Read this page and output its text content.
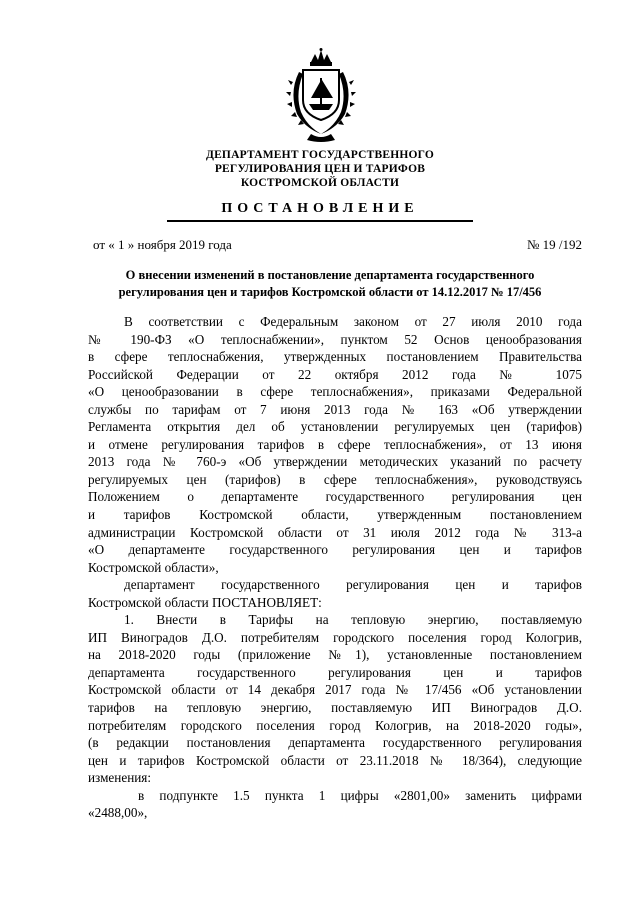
ДЕПАРТАМЕНТ ГОСУДАРСТВЕННОГО
РЕГУЛИРОВАНИЯ ЦЕН И ТАРИФОВ
КОСТРОМСКОЙ ОБЛАСТИ
ПОСТАНОВЛЕНИЕ
от « 1 » ноября 2019 года	№ 19 /192
О внесении изменений в постановление департамента государственного
регулирования цен и тарифов Костромской области от 14.12.2017 № 17/456
В соответствии с Федеральным законом от 27 июля 2010 года
№ 190-ФЗ «О теплоснабжении», пунктом 52 Основ ценообразования
в сфере теплоснабжения, утвержденных постановлением Правительства
Российской Федерации от 22 октября 2012 года № 1075
«О ценообразовании в сфере теплоснабжения», приказами Федеральной
службы по тарифам от 7 июня 2013 года № 163 «Об утверждении
Регламента открытия дел об установлении регулируемых цен (тарифов)
и отмене регулирования тарифов в сфере теплоснабжения», от 13 июня
2013 года № 760-э «Об утверждении методических указаний по расчету
регулируемых цен (тарифов) в сфере теплоснабжения», руководствуясь
Положением о департаменте государственного регулирования цен
и тарифов Костромской области, утвержденным постановлением
администрации Костромской области от 31 июля 2012 года № 313-а
«О департаменте государственного регулирования цен и тарифов
Костромской области»,
департамент государственного регулирования цен и тарифов
Костромской области ПОСТАНОВЛЯЕТ:
1. Внести в Тарифы на тепловую энергию, поставляемую
ИП Виноградов Д.О. потребителям городского поселения город Кологрив,
на 2018-2020 годы (приложение №1), установленные постановлением
департамента государственного регулирования цен и тарифов
Костромской области от 14 декабря 2017 года № 17/456 «Об установлении
тарифов на тепловую энергию, поставляемую ИП Виноградов Д.О.
потребителям городского поселения город Кологрив, на 2018-2020 годы»,
(в редакции постановления департамента государственного регулирования
цен и тарифов Костромской области от 23.11.2018 № 18/364), следующие
изменения:
в подпункте 1.5 пункта 1 цифры «2801,00» заменить цифрами
«2488,00»,
